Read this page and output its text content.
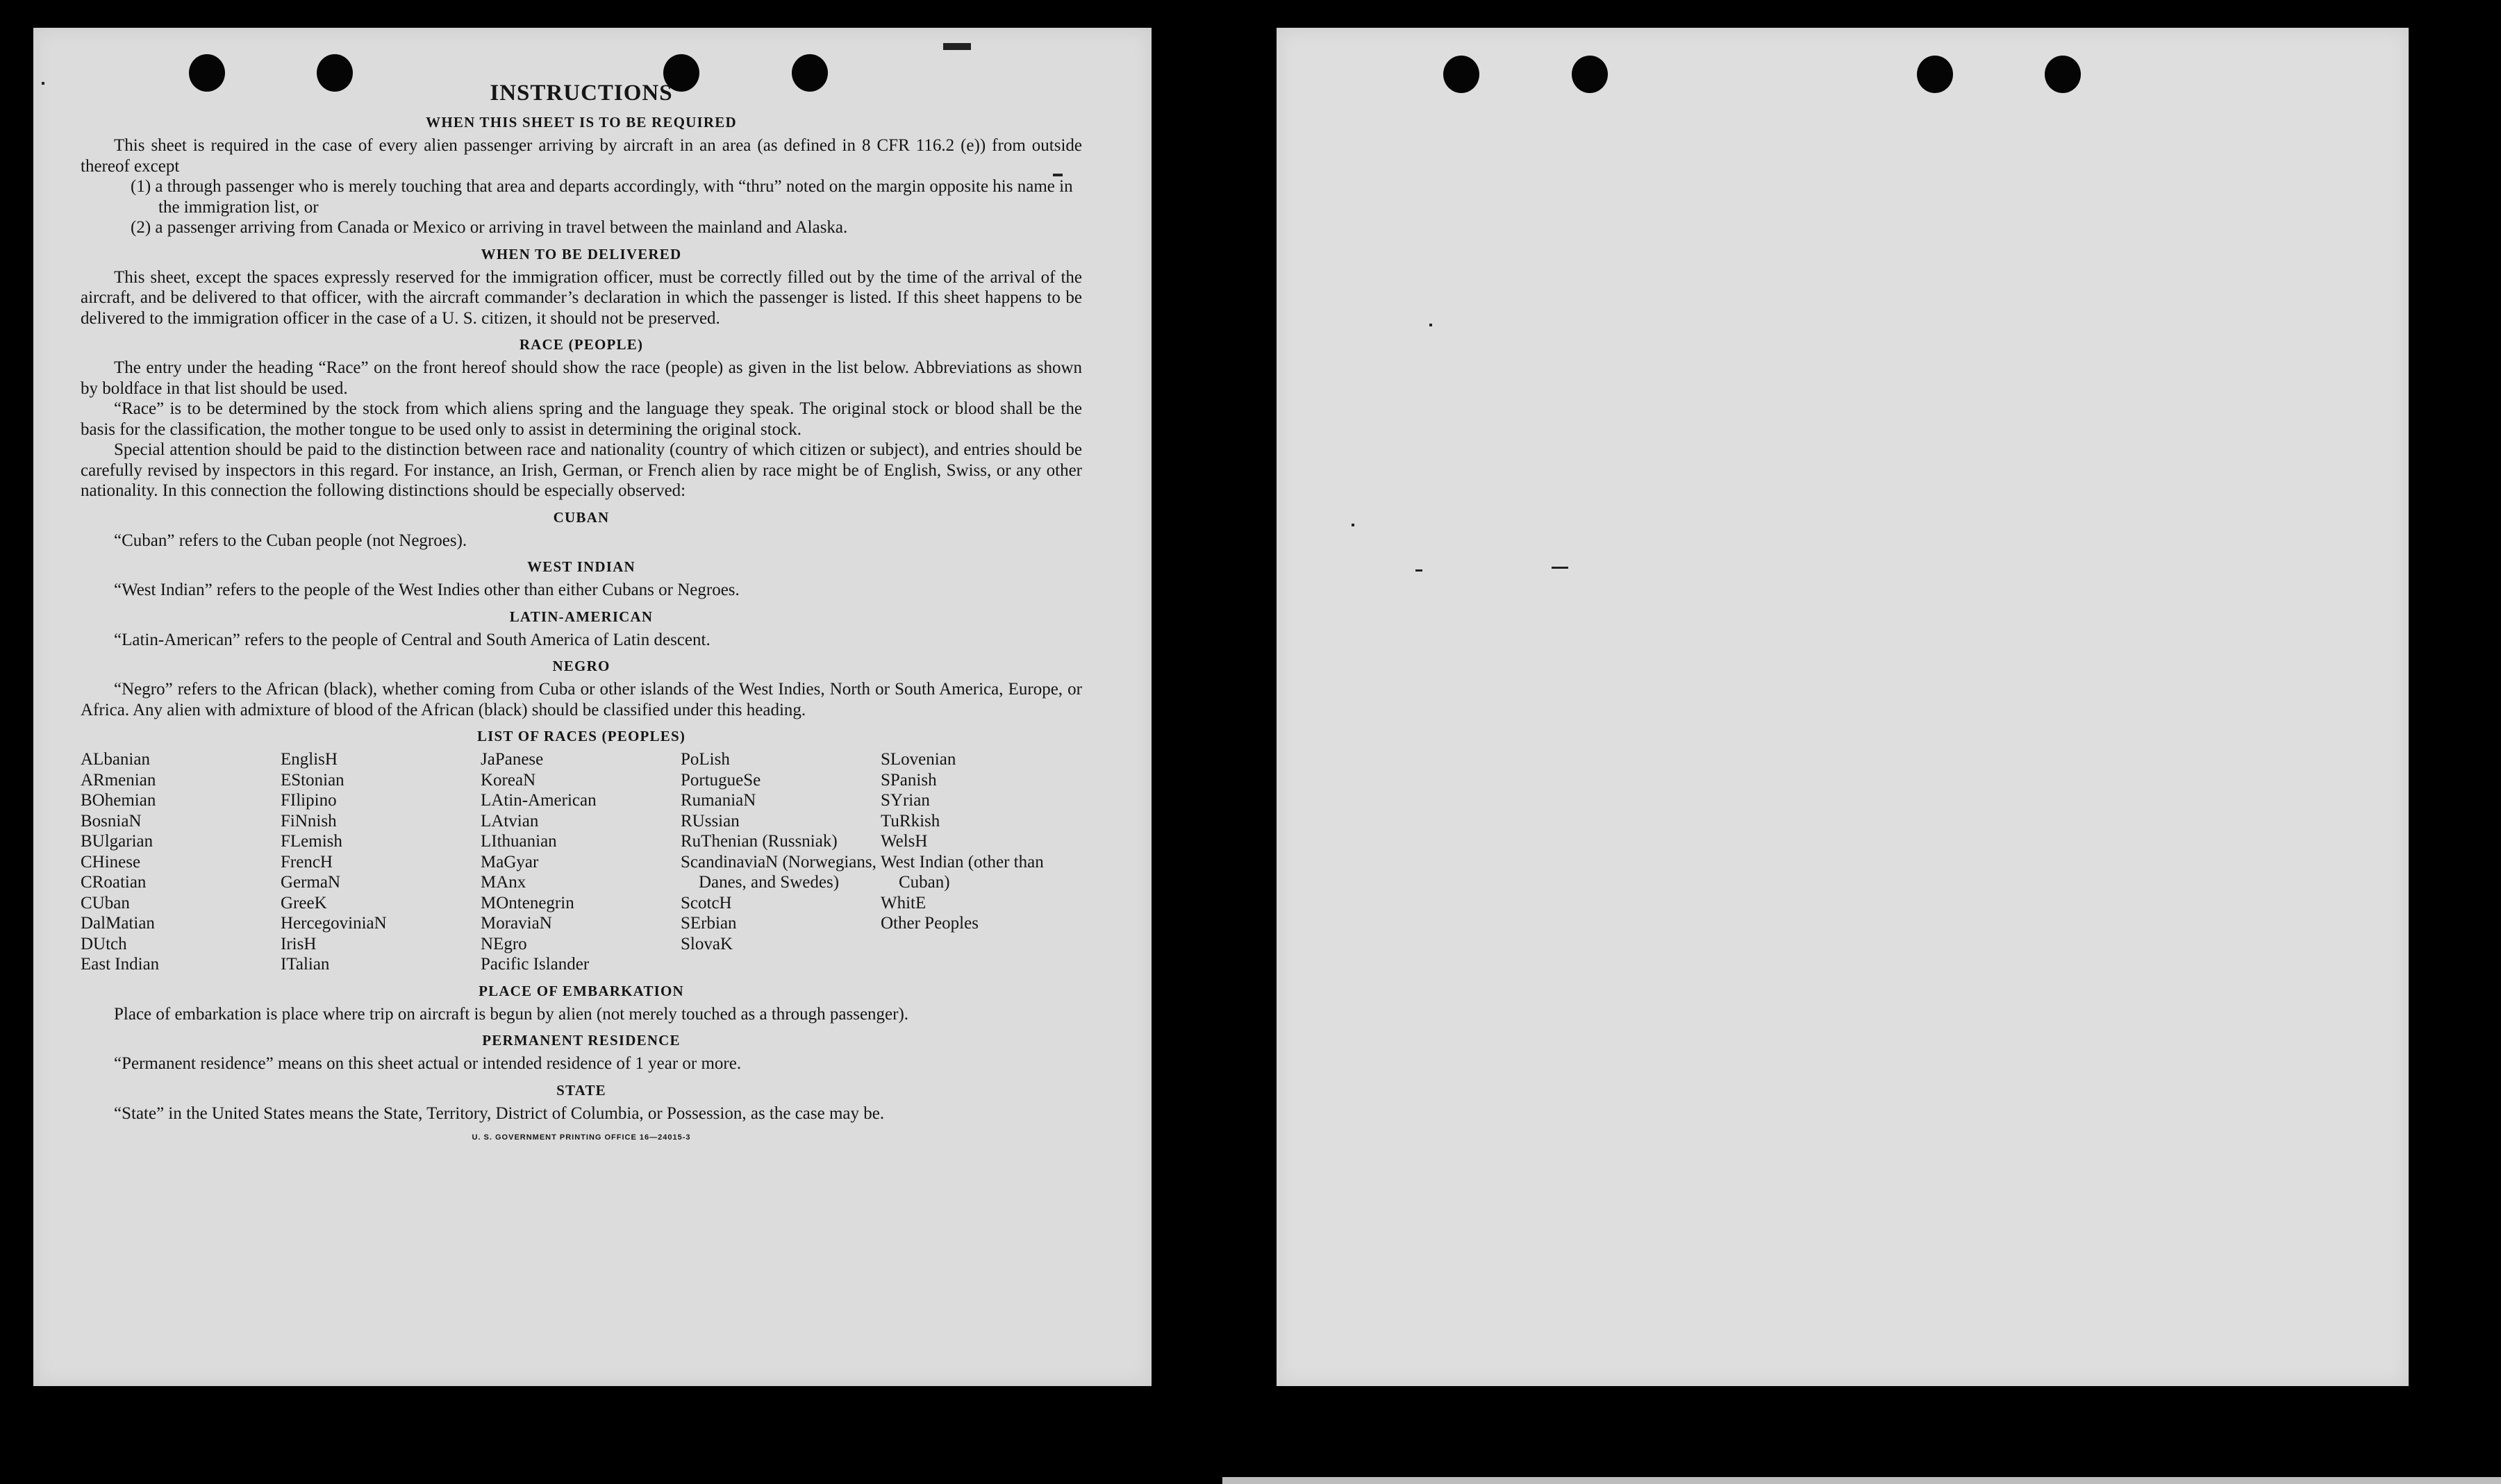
INSTRUCTIONS
WHEN THIS SHEET IS TO BE REQUIRED

This sheet is required in the case of every alien passenger arriving by aircraft in an area (as defined in 8 CFR 116.2 (e)) from outside thereof except

(1) a through passenger who is merely touching that area and departs accordingly, with “thru” noted on the margin opposite his name in the immigration list, or

(2) a passenger arriving from Canada or Mexico or arriving in travel between the mainland and Alaska.

WHEN TO BE DELIVERED

This sheet, except the spaces expressly reserved for the immigration officer, must be correctly filled out by the time of the arrival of the aircraft, and be delivered to that officer, with the aircraft commander’s declaration in which the passenger is listed. If this sheet happens to be delivered to the immigration officer in the case of a U. S. citizen, it should not be preserved.

RACE (PEOPLE)

The entry under the heading “Race” on the front hereof should show the race (people) as given in the list below. Abbreviations as shown by boldface in that list should be used.

“Race” is to be determined by the stock from which aliens spring and the language they speak. The original stock or blood shall be the basis for the classification, the mother tongue to be used only to assist in determining the original stock.

Special attention should be paid to the distinction between race and nationality (country of which citizen or subject), and entries should be carefully revised by inspectors in this regard. For instance, an Irish, German, or French alien by race might be of English, Swiss, or any other nationality. In this connection the following distinctions should be especially observed:

CUBAN

“Cuban” refers to the Cuban people (not Negroes).

WEST INDIAN

“West Indian” refers to the people of the West Indies other than either Cubans or Negroes.

LATIN-AMERICAN

“Latin-American” refers to the people of Central and South America of Latin descent.

NEGRO

“Negro” refers to the African (black), whether coming from Cuba or other islands of the West Indies, North or South America, Europe, or Africa. Any alien with admixture of blood of the African (black) should be classified under this heading.

LIST OF RACES (PEOPLES)
ALbanian
ARmenian
BOhemian
BosniaN
BUlgarian
CHinese
CRoatian
CUban
DalMatian
DUtch
East Indian
EnglisH
EStonian
FIlipino
FiNnish
FLemish
FrencH
GermaN
GreeK
HercegoviniaN
IrisH
ITalian
JaPanese
KoreaN
LAtin-American
LAtvian
LIthuanian
MaGyar
MAnx
MOntenegrin
MoraviaN
NEgro
Pacific Islander
PoLish
PortugueSe
RumaniaN
RUssian
RuThenian (Russniak)
ScandinaviaN (Norwegians, Danes, and Swedes)
ScotcH
SErbian
SlovaK
SLovenian
SPanish
SYrian
TuRkish
WelsH
West Indian (other than Cuban)
WhitE
Other Peoples
PLACE OF EMBARKATION

Place of embarkation is place where trip on aircraft is begun by alien (not merely touched as a through passenger).

PERMANENT RESIDENCE

“Permanent residence” means on this sheet actual or intended residence of 1 year or more.

STATE

“State” in the United States means the State, Territory, District of Columbia, or Possession, as the case may be.

U. S. GOVERNMENT PRINTING OFFICE 16—24015-3
